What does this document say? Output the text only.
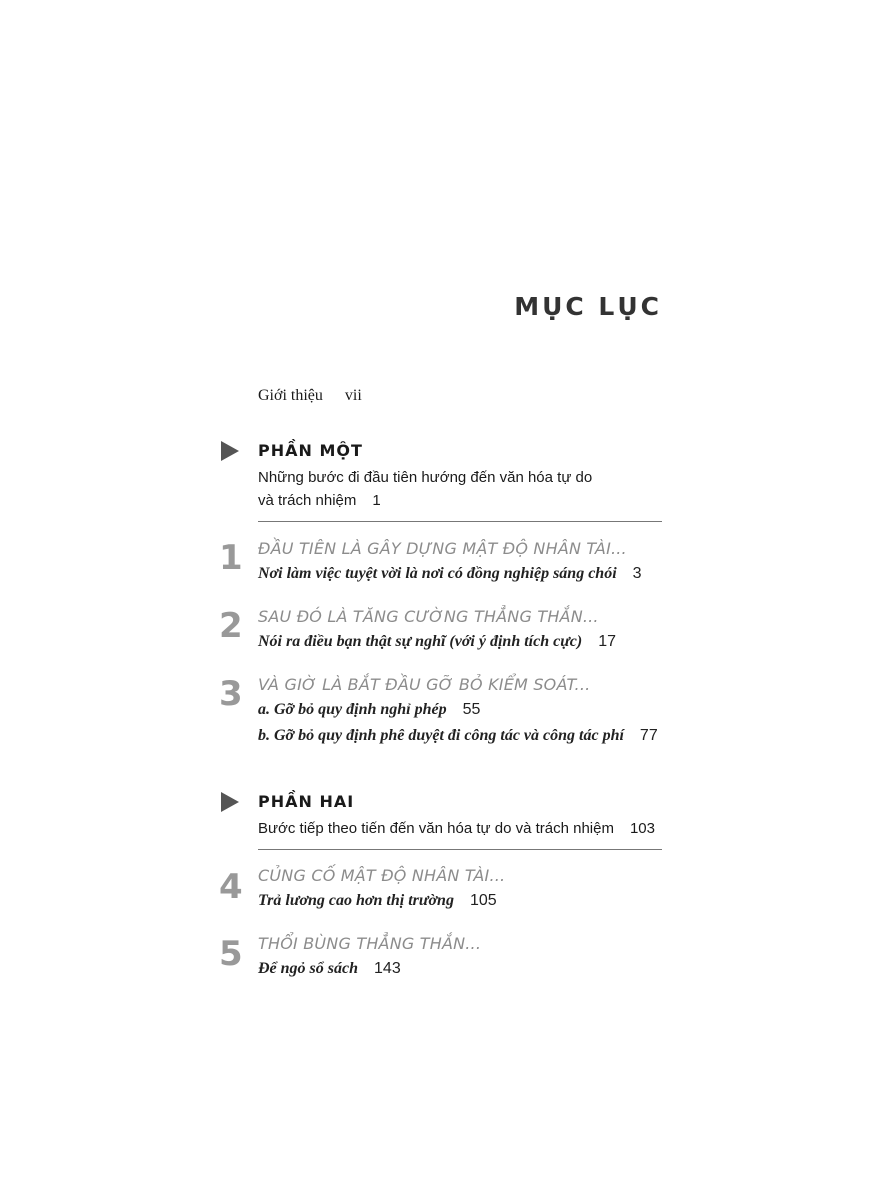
MỤC LỤC
Giới thiệu vii
PHẦN MỘT
Những bước đi đầu tiên hướng đến văn hóa tự do
và trách nhiệm 1
1 ĐẦU TIÊN LÀ GÂY DỰNG MẬT ĐỘ NHÂN TÀI...
Nơi làm việc tuyệt vời là nơi có đồng nghiệp sáng chói 3
2 SAU ĐÓ LÀ TĂNG CƯỜNG THẲNG THẮN...
Nói ra điều bạn thật sự nghĩ (với ý định tích cực) 17
3 VÀ GIỜ LÀ BẮT ĐẦU GỠ BỎ KIỂM SOÁT...
a. Gỡ bỏ quy định nghỉ phép 55
b. Gỡ bỏ quy định phê duyệt đi công tác và công tác phí 77
PHẦN HAI
Bước tiếp theo tiến đến văn hóa tự do và trách nhiệm 103
4 CỦNG CỐ MẬT ĐỘ NHÂN TÀI...
Trả lương cao hơn thị trường 105
5 THỔI BÙNG THẲNG THẮN...
Để ngỏ sổ sách 143
